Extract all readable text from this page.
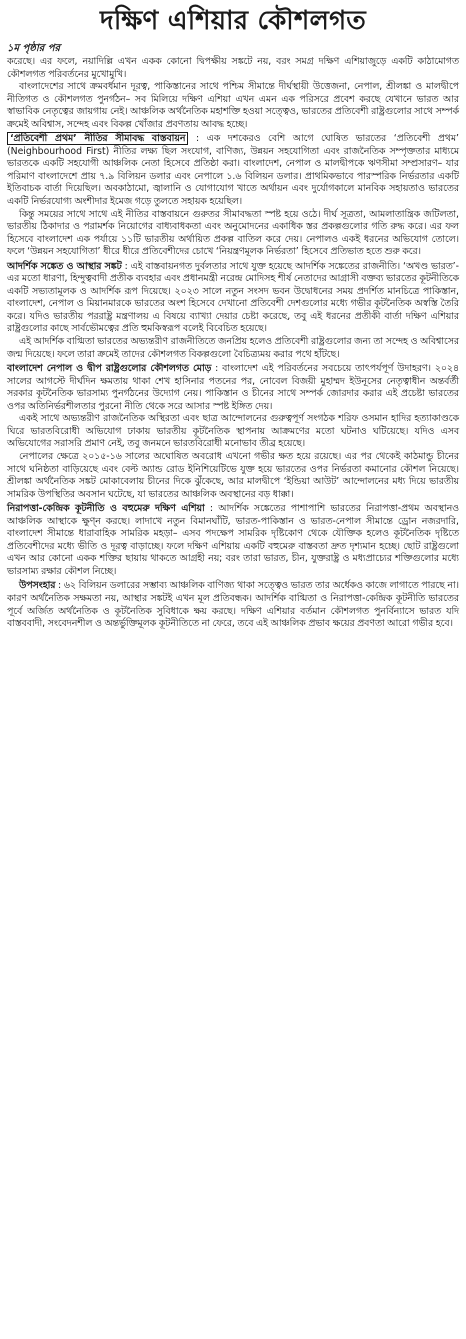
দক্ষিণ এশিয়ার কৌশলগত
১ম পৃষ্ঠার পর

করেছে। এর ফলে, নয়াদিল্লি এখন একক কোনো দ্বিপক্ষীয় সঙ্কটে নয়, বরং সমগ্র দক্ষিণ এশিয়াজুড়ে একটি কাঠামোগত কৌশলগত পরিবর্তনের মুখোমুখি।

বাংলাদেশের সাথে ক্রমবর্ধমান দূরত্ব, পাকিস্তানের সাথে পশ্চিম সীমান্তে দীর্ঘস্থায়ী উত্তেজনা, নেপাল, শ্রীলঙ্কা ও মালদ্বীপে নীতিগত ও কৌশলগত পুনর্গঠন– সব মিলিয়ে দক্ষিণ এশিয়া এখন এমন এক পরিসরে প্রবেশ করছে যেখানে ভারত আর স্বাভাবিক নেতৃত্বের জায়গায় নেই। আঞ্চলিক অর্থনৈতিক মহাশক্তি হওয়া সত্ত্বেও, ভারতের প্রতিবেশী রাষ্ট্রগুলোর সাথে সম্পর্ক ক্রমেই অবিশ্বাস, সন্দেহ এবং বিকল্প খোঁজার প্রবণতায় আবদ্ধ হচ্ছে।

‘প্রতিবেশী প্রথম’ নীতির সীমাবদ্ধ বাস্তবায়ন : এক দশকেরও বেশি আগে ঘোষিত ভারতের ‘প্রতিবেশী প্রথম’ (Neighbourhood First) নীতির লক্ষ্য ছিল সংযোগ, বাণিজ্য, উন্নয়ন সহযোগিতা এবং রাজনৈতিক সম্পৃক্ততার মাধ্যমে ভারতকে একটি সহযোগী আঞ্চলিক নেতা হিসেবে প্রতিষ্ঠা করা। বাংলাদেশ, নেপাল ও মালদ্বীপকে ঋণসীমা সম্প্রসারণ– যার পরিমাণ বাংলাদেশে প্রায় ৭.৯ বিলিয়ন ডলার এবং নেপালে ১.৬ বিলিয়ন ডলার। প্রাথমিকভাবে পারস্পরিক নির্ভরতার একটি ইতিবাচক বার্তা দিয়েছিল। অবকাঠামো, জ্বালানি ও যোগাযোগ খাতে অর্থায়ন এবং দুর্যোগকালে মানবিক সহায়তাও ভারতের একটি নির্ভরযোগ্য অংশীদার ইমেজ গড়ে তুলতে সহায়ক হয়েছিল।

কিন্তু সময়ের সাথে সাথে এই নীতির বাস্তবায়নে গুরুতর সীমাবদ্ধতা স্পষ্ট হয়ে ওঠে। দীর্ঘ সূত্রতা, আমলাতান্ত্রিক জটিলতা, ভারতীয় ঠিকাদার ও পরামর্শক নিয়োগের বাধ্যবাধকতা এবং অনুমোদনের একাধিক স্তর প্রকল্পগুলোর গতি রুদ্ধ করে। এর ফল হিসেবে বাংলাদেশ এক পর্যায়ে ১১টি ভারতীয় অর্থায়িত প্রকল্প বাতিল করে দেয়। নেপালও একই ধরনের অভিযোগ তোলে। ফলে ‘উন্নয়ন সহযোগিতা’ ধীরে ধীরে প্রতিবেশীদের চোখে ‘নিয়ন্ত্রণমূলক নির্ভরতা’ হিসেবে প্রতিভাত হতে শুরু করে।

আদর্শিক সঙ্কেত ও আস্থার সঙ্কট : এই বাস্তবায়নগত দুর্বলতার সাথে যুক্ত হয়েছে আদর্শিক সঙ্কেতের রাজনীতি। ‘অখণ্ড ভারত’-এর মতো ধারণা, হিন্দুত্ববাদী প্রতীক ব্যবহার এবং প্রধানমন্ত্রী নরেন্দ্র মোদিসহ শীর্ষ নেতাদের আগ্রাসী বক্তব্য ভারতের কূটনীতিকে একটি সভ্যতামূলক ও আদর্শিক রূপ দিয়েছে। ২০২৩ সালে নতুন সংসদ ভবন উদ্বোধনের সময় প্রদর্শিত মানচিত্রে পাকিস্তান, বাংলাদেশ, নেপাল ও মিয়ানমারকে ভারতের অংশ হিসেবে দেখানো প্রতিবেশী দেশগুলোর মধ্যে গভীর কূটনৈতিক অস্বস্তি তৈরি করে। যদিও ভারতীয় পররাষ্ট্র মন্ত্রণালয় এ বিষয়ে ব্যাখ্যা দেয়ার চেষ্টা করেছে, তবু এই ধরনের প্রতীকী বার্তা দক্ষিণ এশিয়ার রাষ্ট্রগুলোর কাছে সার্বভৌমত্বের প্রতি হুমকিস্বরূপ বলেই বিবেচিত হয়েছে।

এই আদর্শিক বাগ্মিতা ভারতের অভ্যন্তরীণ রাজনীতিতে জনপ্রিয় হলেও প্রতিবেশী রাষ্ট্রগুলোর জন্য তা সন্দেহ ও অবিশ্বাসের জন্ম দিয়েছে। ফলে তারা ক্রমেই তাদের কৌশলগত বিকল্পগুলো বৈচিত্র্যময় করার পথে হাঁটছে।

বাংলাদেশ নেপাল ও দ্বীপ রাষ্ট্রগুলোর কৌশলগত মোড় : বাংলাদেশ এই পরিবর্তনের সবচেয়ে তাৎপর্যপূর্ণ উদাহরণ। ২০২৪ সালের আগস্টে দীর্ঘদিন ক্ষমতায় থাকা শেখ হাসিনার পতনের পর, নোবেল বিজয়ী মুহাম্মদ ইউনূসের নেতৃত্বাধীন অন্তর্বর্তী সরকার কূটনৈতিক ভারসাম্য পুনর্গঠনের উদ্যোগ নেয়। পাকিস্তান ও চীনের সাথে সম্পর্ক জোরদার করার এই প্রচেষ্টা ভারতের ওপর অতিনির্ভরশীলতার পুরনো নীতি থেকে সরে আসার স্পষ্ট ইঙ্গিত দেয়।

একই সাথে অভ্যন্তরীণ রাজনৈতিক অস্থিরতা এবং ছাত্র আন্দোলনের গুরুত্বপূর্ণ সংগঠক শরিফ ওসমান হাদির হত্যাকাণ্ডকে ঘিরে ভারতবিরোধী অভিযোগ ঢাকায় ভারতীয় কূটনৈতিক স্থাপনায় আক্রমণের মতো ঘটনাও ঘটিয়েছে। যদিও এসব অভিযোগের সরাসরি প্রমাণ নেই, তবু জনমনে ভারতবিরোধী মনোভাব তীব্র হয়েছে।

নেপালের ক্ষেত্রে ২০১৫-১৬ সালের অঘোষিত অবরোধ এখনো গভীর ক্ষত হয়ে রয়েছে। এর পর থেকেই কাঠমান্ডু চীনের সাথে ঘনিষ্ঠতা বাড়িয়েছে এবং বেল্ট অ্যান্ড রোড ইনিশিয়েটিভে যুক্ত হয়ে ভারতের ওপর নির্ভরতা কমানোর কৌশল নিয়েছে। শ্রীলঙ্কা অর্থনৈতিক সঙ্কট মোকাবেলায় চীনের দিকে ঝুঁকেছে, আর মালদ্বীপে ‘ইন্ডিয়া আউট’ আন্দোলনের মধ্য দিয়ে ভারতীয় সামরিক উপস্থিতির অবসান ঘটেছে, যা ভারতের আঞ্চলিক অবস্থানের বড় ধাক্কা।

নিরাপত্তা-কেন্দ্রিক কূটনীতি ও বহুমেরু দক্ষিণ এশিয়া : আদর্শিক সঙ্কেতের পাশাপাশি ভারতের নিরাপত্তা-প্রথম অবস্থানও আঞ্চলিক আস্থাকে ক্ষুণ্ন করছে। লাদাখে নতুন বিমানঘাঁটি, ভারত-পাকিস্তান ও ভারত-নেপাল সীমান্তে ড্রোন নজরদারি, বাংলাদেশ সীমান্তে ধারাবাহিক সামরিক মহড়া– এসব পদক্ষেপ সামরিক দৃষ্টিকোণ থেকে যৌক্তিক হলেও কূটনৈতিক দৃষ্টিতে প্রতিবেশীদের মধ্যে ভীতি ও দূরত্ব বাড়াচ্ছে। ফলে দক্ষিণ এশিয়ায় একটি বহুমেরু বাস্তবতা দ্রুত দৃশ্যমান হচ্ছে। ছোট রাষ্ট্রগুলো এখন আর কোনো একক শক্তির ছায়ায় থাকতে আগ্রহী নয়; বরং তারা ভারত, চীন, যুক্তরাষ্ট্র ও মধ্যপ্রাচ্যের শক্তিগুলোর মধ্যে ভারসাম্য রক্ষার কৌশল নিচ্ছে।

উপসংহার : ৬২ বিলিয়ন ডলারের সম্ভাব্য আঞ্চলিক বাণিজ্য থাকা সত্ত্বেও ভারত তার অর্ধেকও কাজে লাগাতে পারছে না। কারণ অর্থনৈতিক সক্ষমতা নয়, আস্থার সঙ্কটই এখন মূল প্রতিবন্ধক। আদর্শিক বাগ্মিতা ও নিরাপত্তা-কেন্দ্রিক কূটনীতি ভারতের পূর্বে অর্জিত অর্থনৈতিক ও কূটনৈতিক সুবিধাকে ক্ষয় করছে। দক্ষিণ এশিয়ার বর্তমান কৌশলগত পুনর্বিন্যাসে ভারত যদি বাস্তববাদী, সংবেদনশীল ও অন্তর্ভুক্তিমূলক কূটনীতিতে না ফেরে, তবে এই আঞ্চলিক প্রভাব ক্ষয়ের প্রবণতা আরো গভীর হবে।
